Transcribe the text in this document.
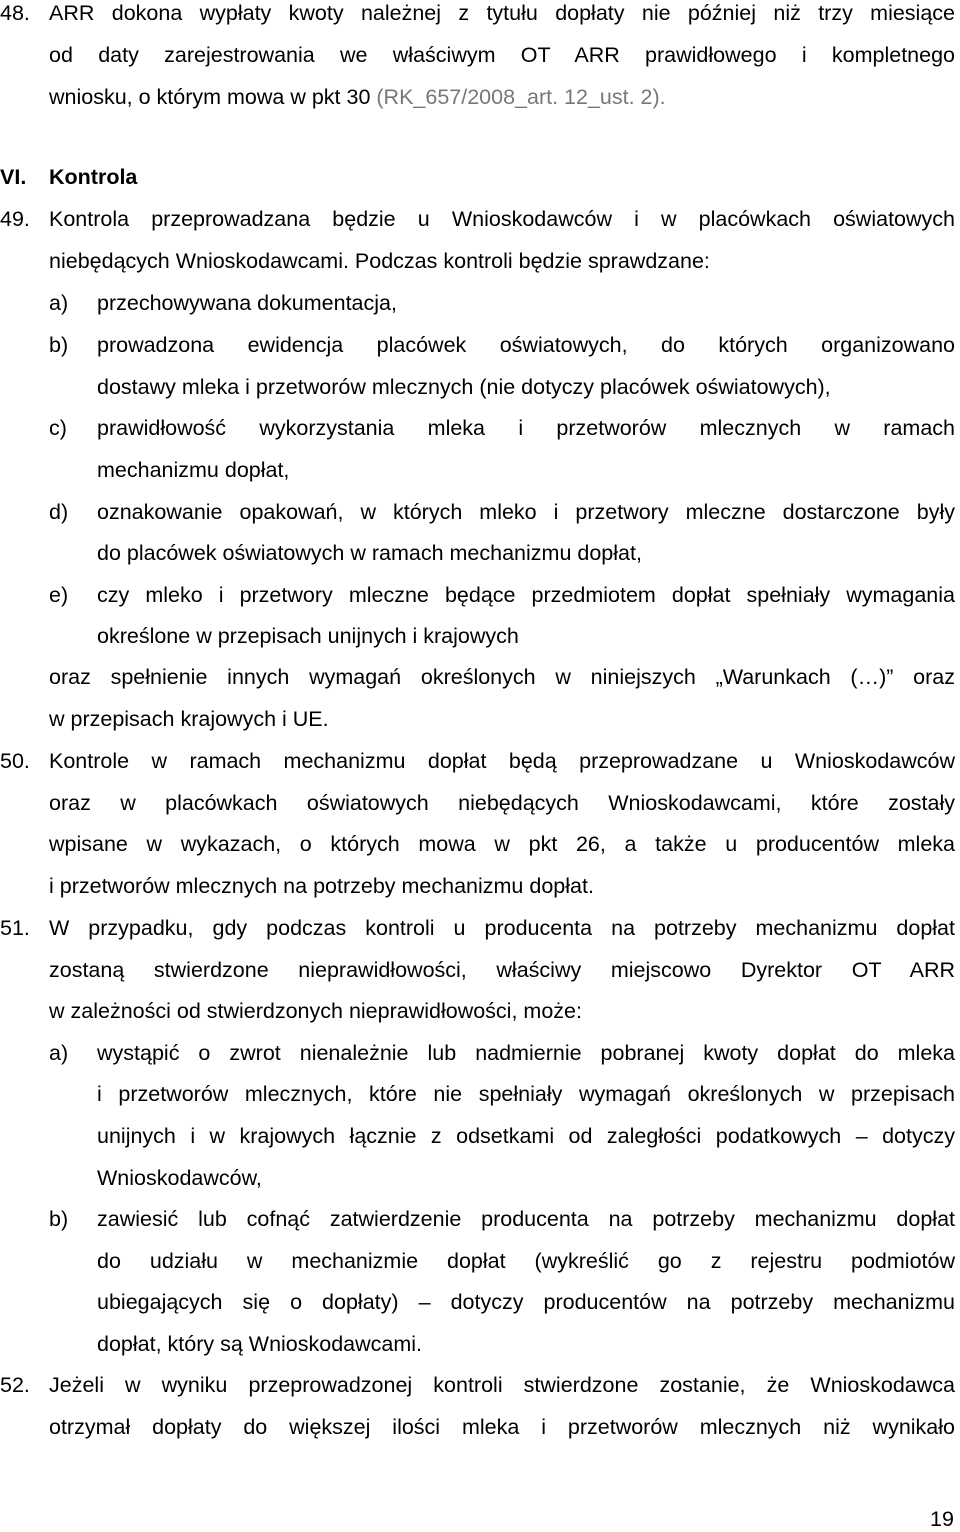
48. ARR dokona wypłaty kwoty należnej z tytułu dopłaty nie później niż trzy miesiące
od daty zarejestrowania we właściwym OT ARR prawidłowego i kompletnego
wniosku, o którym mowa w pkt 30 (RK_657/2008_art. 12_ust. 2).
VI. Kontrola
49. Kontrola przeprowadzana będzie u Wnioskodawców i w placówkach oświatowych
niebędących Wnioskodawcami. Podczas kontroli będzie sprawdzane:
a) przechowywana dokumentacja,
b) prowadzona ewidencja placówek oświatowych, do których organizowano
dostawy mleka i przetworów mlecznych (nie dotyczy placówek oświatowych),
c) prawidłowość wykorzystania mleka i przetworów mlecznych w ramach
mechanizmu dopłat,
d) oznakowanie opakowań, w których mleko i przetwory mleczne dostarczone były
do placówek oświatowych w ramach mechanizmu dopłat,
e) czy mleko i przetwory mleczne będące przedmiotem dopłat spełniały wymagania
określone w przepisach unijnych i krajowych
oraz spełnienie innych wymagań określonych w niniejszych „Warunkach (…)” oraz
w przepisach krajowych i UE.
50. Kontrole w ramach mechanizmu dopłat będą przeprowadzane u Wnioskodawców
oraz w placówkach oświatowych niebędących Wnioskodawcami, które zostały
wpisane w wykazach, o których mowa w pkt 26, a także u producentów mleka
i przetworów mlecznych na potrzeby mechanizmu dopłat.
51. W przypadku, gdy podczas kontroli u producenta na potrzeby mechanizmu dopłat
zostaną stwierdzone nieprawidłowości, właściwy miejscowo Dyrektor OT ARR
w zależności od stwierdzonych nieprawidłowości, może:
a) wystąpić o zwrot nienależnie lub nadmiernie pobranej kwoty dopłat do mleka
i przetworów mlecznych, które nie spełniały wymagań określonych w przepisach
unijnych i w krajowych łącznie z odsetkami od zaległości podatkowych – dotyczy
Wnioskodawców,
b) zawiesić lub cofnąć zatwierdzenie producenta na potrzeby mechanizmu dopłat
do udziału w mechanizmie dopłat (wykreślić go z rejestru podmiotów
ubiegających się o dopłaty) – dotyczy producentów na potrzeby mechanizmu
dopłat, który są Wnioskodawcami.
52. Jeżeli w wyniku przeprowadzonej kontroli stwierdzone zostanie, że Wnioskodawca
otrzymał dopłaty do większej ilości mleka i przetworów mlecznych niż wynikało
19
